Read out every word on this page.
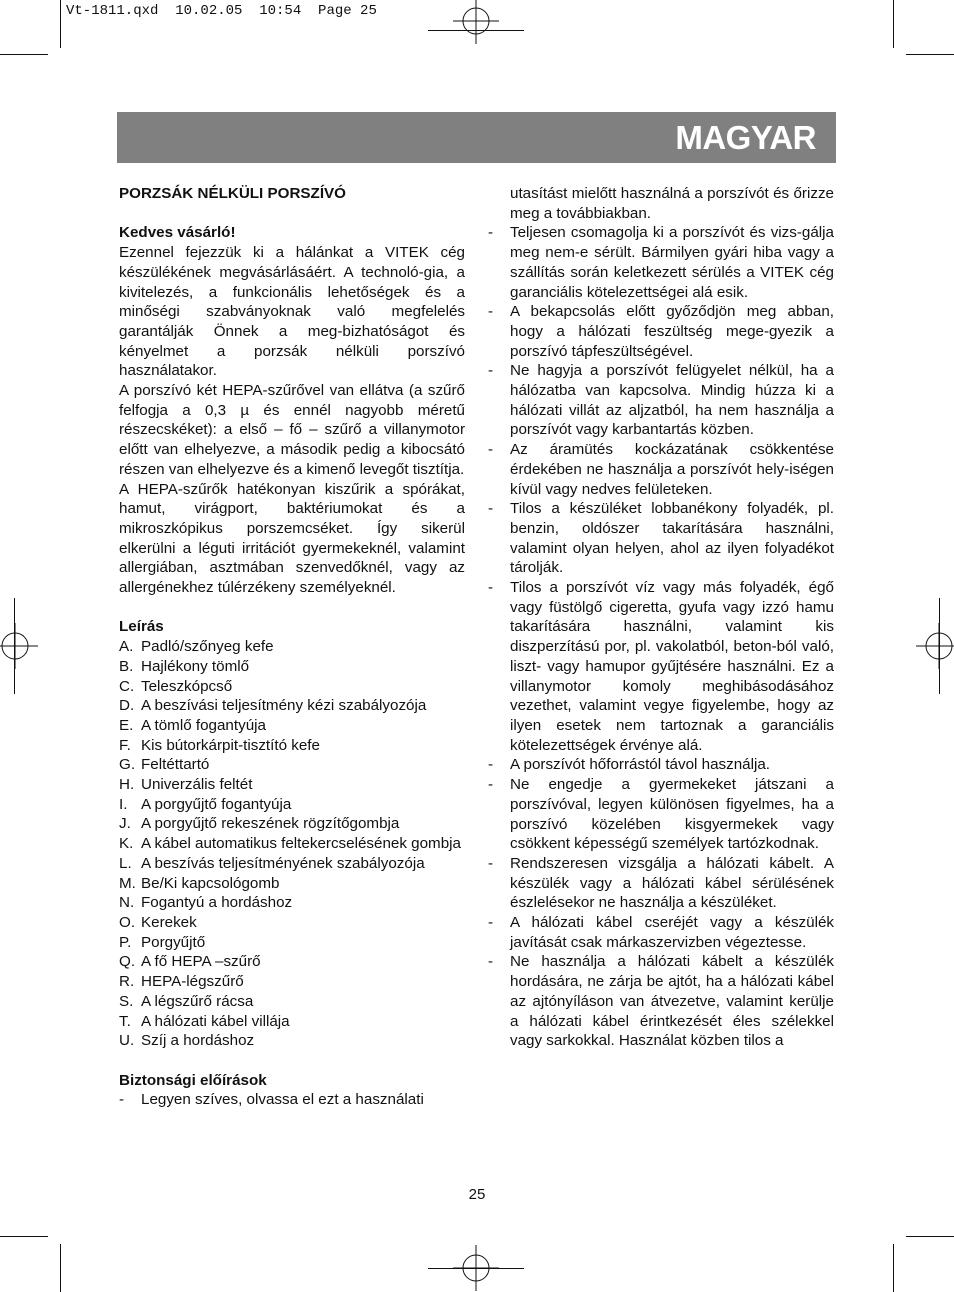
Vt-1811.qxd  10.02.05  10:54  Page 25
MAGYAR

PORZSÁK NÉLKÜLI PORSZÍVÓ

Kedves vásárló!

Ezennel fejezzük ki a hálánkat a VITEK cég készülékének megvásárlásáért. A technoló-gia, a kivitelezés, a funkcionális lehetőségek és a minőségi szabványoknak való megfelelés garantálják Önnek a meg-bizhatóságot és kényelmet a porzsák nélküli porszívó használatakor.

A porszívó két HEPA-szűrővel van ellátva (a szűrő felfogja a 0,3 µ és ennél nagyobb méretű részecskéket): a első – fő – szűrő a villanymotor előtt van elhelyezve, a második pedig a kibocsátó részen van elhelyezve és a kimenő levegőt tisztítja.

A HEPA-szűrők hatékonyan kiszűrik a spórákat, hamut, virágport, baktériumokat és a mikroszkópikus porszemcséket. Így sikerül elkerülni a léguti irritációt gyermekeknél, valamint allergiában, asztmában szenvedőknél, vagy az allergénekhez túlérzékeny személyeknél.

Leírás

A. Padló/szőnyeg kefe

B. Hajlékony tömlő

C. Teleszkópcső

D. A beszívási teljesítmény kézi szabályozója

E. A tömlő fogantyúja

F. Kis bútorkárpit-tisztító kefe

G. Feltéttartó

H. Univerzális feltét

I. A porgyűjtő fogantyúja

J. A porgyűjtő rekeszének rögzítőgombja

K. A kábel automatikus feltekercselésének gombja

L. A beszívás teljesítményének szabályozója

M. Be/Ki kapcsológomb

N. Fogantyú a hordáshoz

O. Kerekek

P. Porgyűjtő

Q. A fő HEPA –szűrő

R. HEPA-légszűrő

S. A légszűrő rácsa

T. A hálózati kábel villája

U. Szíj a hordáshoz

Biztonsági előírások

- Legyen szíves, olvassa el ezt a használati

utasítást mielőtt használná a porszívót és őrizze meg a továbbiakban.

- Teljesen csomagolja ki a porszívót és vizs-gálja meg nem-e sérült. Bármilyen gyári hiba vagy a szállítás során keletkezett sérülés a VITEK cég garanciális kötelezettségei alá esik.

- A bekapcsolás előtt győződjön meg abban, hogy a hálózati feszültség mege-gyezik a porszívó tápfeszültségével.

- Ne hagyja a porszívót felügyelet nélkül, ha a hálózatba van kapcsolva. Mindig húzza ki a hálózati villát az aljzatból, ha nem használja a porszívót vagy karbantartás közben.

- Az áramütés kockázatának csökkentése érdekében ne használja a porszívót hely-iségen kívül vagy nedves felületeken.

- Tilos a készüléket lobbanékony folyadék, pl. benzin, oldószer takarítására használni, valamint olyan helyen, ahol az ilyen folyadékot tárolják.

- Tilos a porszívót víz vagy más folyadék, égő vagy füstölgő cigeretta, gyufa vagy izzó hamu takarítására használni, valamint kis diszperzítású por, pl. vakolatból, beton-ból való, liszt- vagy hamupor gyűjtésére használni. Ez a villanymotor komoly meghibásodásához vezethet, valamint vegye figyelembe, hogy az ilyen esetek nem tartoznak a garanciális kötelezettségek érvénye alá.

- A porszívót hőforrástól távol használja.

- Ne engedje a gyermekeket játszani a porszívóval, legyen különösen figyelmes, ha a porszívó közelében kisgyermekek vagy csökkent képességű személyek tartózkodnak.

- Rendszeresen vizsgálja a hálózati kábelt. A készülék vagy a hálózati kábel sérülésének észlelésekor ne használja a készüléket.

- A hálózati kábel cseréjét vagy a készülék javítását csak márkaszervizben végeztesse.

- Ne használja a hálózati kábelt a készülék hordására, ne zárja be ajtót, ha a hálózati kábel az ajtónyíláson van átvezetve, valamint kerülje a hálózati kábel érintkezését éles szélekkel vagy sarkokkal. Használat közben tilos a

25
